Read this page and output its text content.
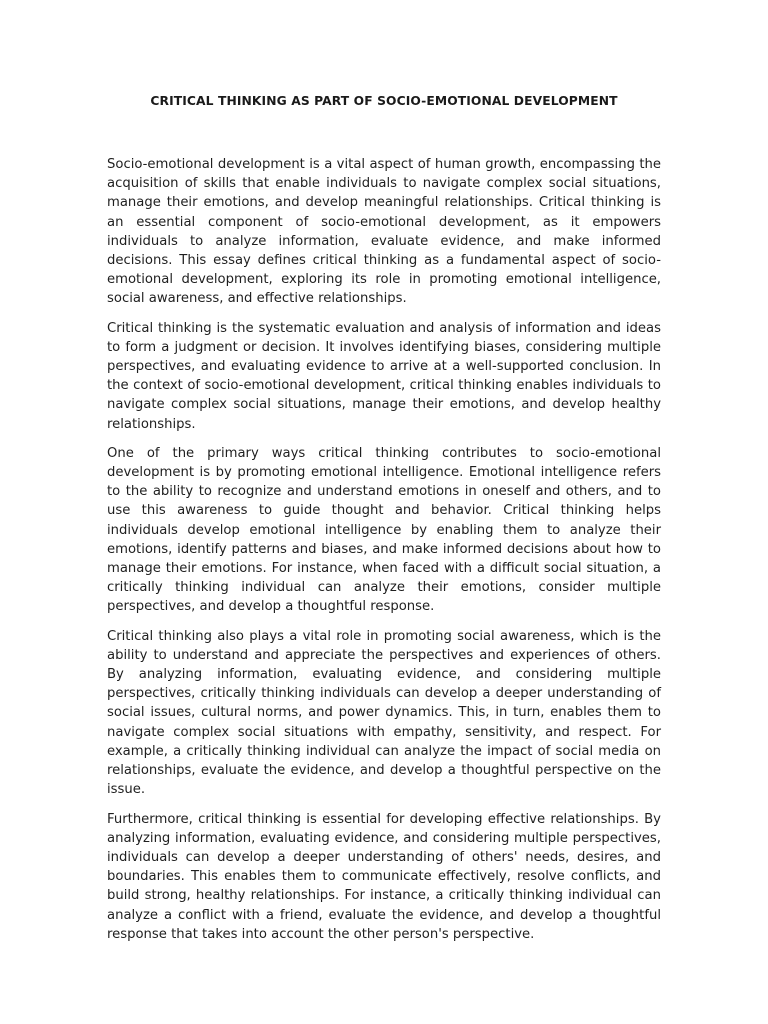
CRITICAL THINKING AS PART OF SOCIO-EMOTIONAL DEVELOPMENT

Socio-emotional development is a vital aspect of human growth, encompassing the acquisition of skills that enable individuals to navigate complex social situations, manage their emotions, and develop meaningful relationships. Critical thinking is an essential component of socio-emotional development, as it empowers individuals to analyze information, evaluate evidence, and make informed decisions. This essay defines critical thinking as a fundamental aspect of socio-emotional development, exploring its role in promoting emotional intelligence, social awareness, and effective relationships.

Critical thinking is the systematic evaluation and analysis of information and ideas to form a judgment or decision. It involves identifying biases, considering multiple perspectives, and evaluating evidence to arrive at a well-supported conclusion. In the context of socio-emotional development, critical thinking enables individuals to navigate complex social situations, manage their emotions, and develop healthy relationships.

One of the primary ways critical thinking contributes to socio-emotional development is by promoting emotional intelligence. Emotional intelligence refers to the ability to recognize and understand emotions in oneself and others, and to use this awareness to guide thought and behavior. Critical thinking helps individuals develop emotional intelligence by enabling them to analyze their emotions, identify patterns and biases, and make informed decisions about how to manage their emotions. For instance, when faced with a difficult social situation, a critically thinking individual can analyze their emotions, consider multiple perspectives, and develop a thoughtful response.

Critical thinking also plays a vital role in promoting social awareness, which is the ability to understand and appreciate the perspectives and experiences of others. By analyzing information, evaluating evidence, and considering multiple perspectives, critically thinking individuals can develop a deeper understanding of social issues, cultural norms, and power dynamics. This, in turn, enables them to navigate complex social situations with empathy, sensitivity, and respect. For example, a critically thinking individual can analyze the impact of social media on relationships, evaluate the evidence, and develop a thoughtful perspective on the issue.

Furthermore, critical thinking is essential for developing effective relationships. By analyzing information, evaluating evidence, and considering multiple perspectives, individuals can develop a deeper understanding of others' needs, desires, and boundaries. This enables them to communicate effectively, resolve conflicts, and build strong, healthy relationships. For instance, a critically thinking individual can analyze a conflict with a friend, evaluate the evidence, and develop a thoughtful response that takes into account the other person's perspective.
